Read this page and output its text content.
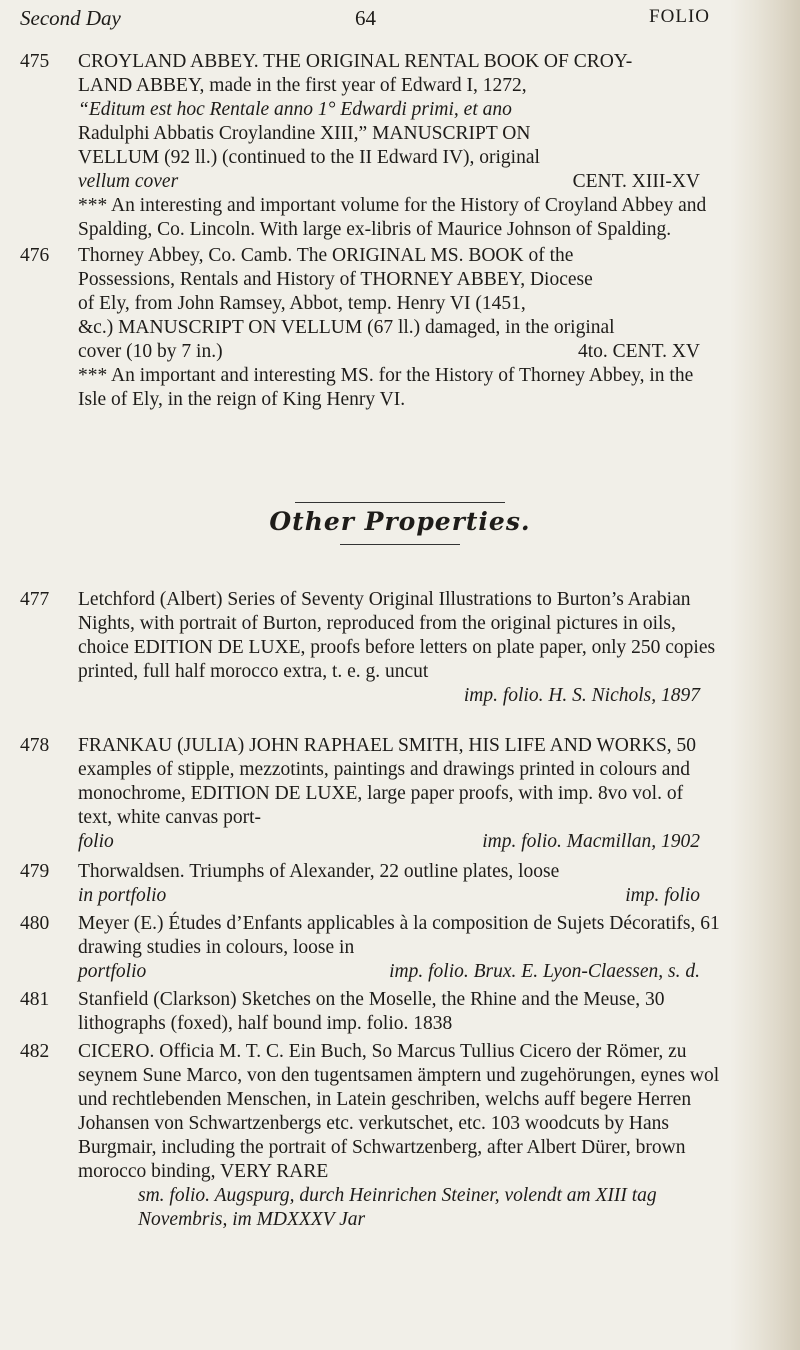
Second Day	64	FOLIO
475	CROYLAND ABBEY. THE ORIGINAL RENTAL BOOK OF CROY-

LAND ABBEY, made in the first year of Edward I, 1272,

“Editum est hoc Rentale anno 1° Edwardi primi, et ano

Radulphi Abbatis Croylandine XIII,” MANUSCRIPT ON

VELLUM (92 ll.) (continued to the II Edward IV), original

vellum cover	CENT. XIII-XV

*** An interesting and important volume for the History of Croyland Abbey and Spalding, Co. Lincoln. With large ex-libris of Maurice Johnson of Spalding.

476	Thorney Abbey, Co. Camb. The ORIGINAL MS. BOOK of the

Possessions, Rentals and History of THORNEY ABBEY, Diocese

of Ely, from John Ramsey, Abbot, temp. Henry VI (1451,

&c.) MANUSCRIPT ON VELLUM (67 ll.) damaged, in the original

cover (10 by 7 in.)	4to. CENT. XV

*** An important and interesting MS. for the History of Thorney Abbey, in the Isle of Ely, in the reign of King Henry VI.

Other Properties.
477	Letchford (Albert) Series of Seventy Original Illustrations to Burton’s Arabian Nights, with portrait of Burton, reproduced from the original pictures in oils, choice EDITION DE LUXE, proofs before letters on plate paper, only 250 copies printed, full half morocco extra, t. e. g. uncut

imp. folio. H. S. Nichols, 1897

478	FRANKAU (JULIA) JOHN RAPHAEL SMITH, HIS LIFE AND WORKS, 50 examples of stipple, mezzotints, paintings and drawings printed in colours and monochrome, EDITION DE LUXE, large paper proofs, with imp. 8vo vol. of text, white canvas port-

folio	imp. folio. Macmillan, 1902
479	Thorwaldsen. Triumphs of Alexander, 22 outline plates, loose

in portfolio	imp. folio
480	Meyer (E.) Études d’Enfants applicables à la composition de Sujets Décoratifs, 61 drawing studies in colours, loose in

portfolio	imp. folio. Brux. E. Lyon-Claessen, s. d.
481	Stanfield (Clarkson) Sketches on the Moselle, the Rhine and the Meuse, 30 lithographs (foxed), half bound imp. folio. 1838

482	CICERO. Officia M. T. C. Ein Buch, So Marcus Tullius Cicero der Römer, zu seynem Sune Marco, von den tugentsamen ämptern und zugehörungen, eynes wol und rechtlebenden Menschen, in Latein geschriben, welchs auff begere Herren Johansen von Schwartzenbergs etc. verkutschet, etc. 103 woodcuts by Hans Burgmair, including the portrait of Schwartzenberg, after Albert Dürer, brown morocco binding, VERY RARE

sm. folio. Augspurg, durch Heinrichen Steiner, volendt am XIII tag Novembris, im MDXXXV Jar
